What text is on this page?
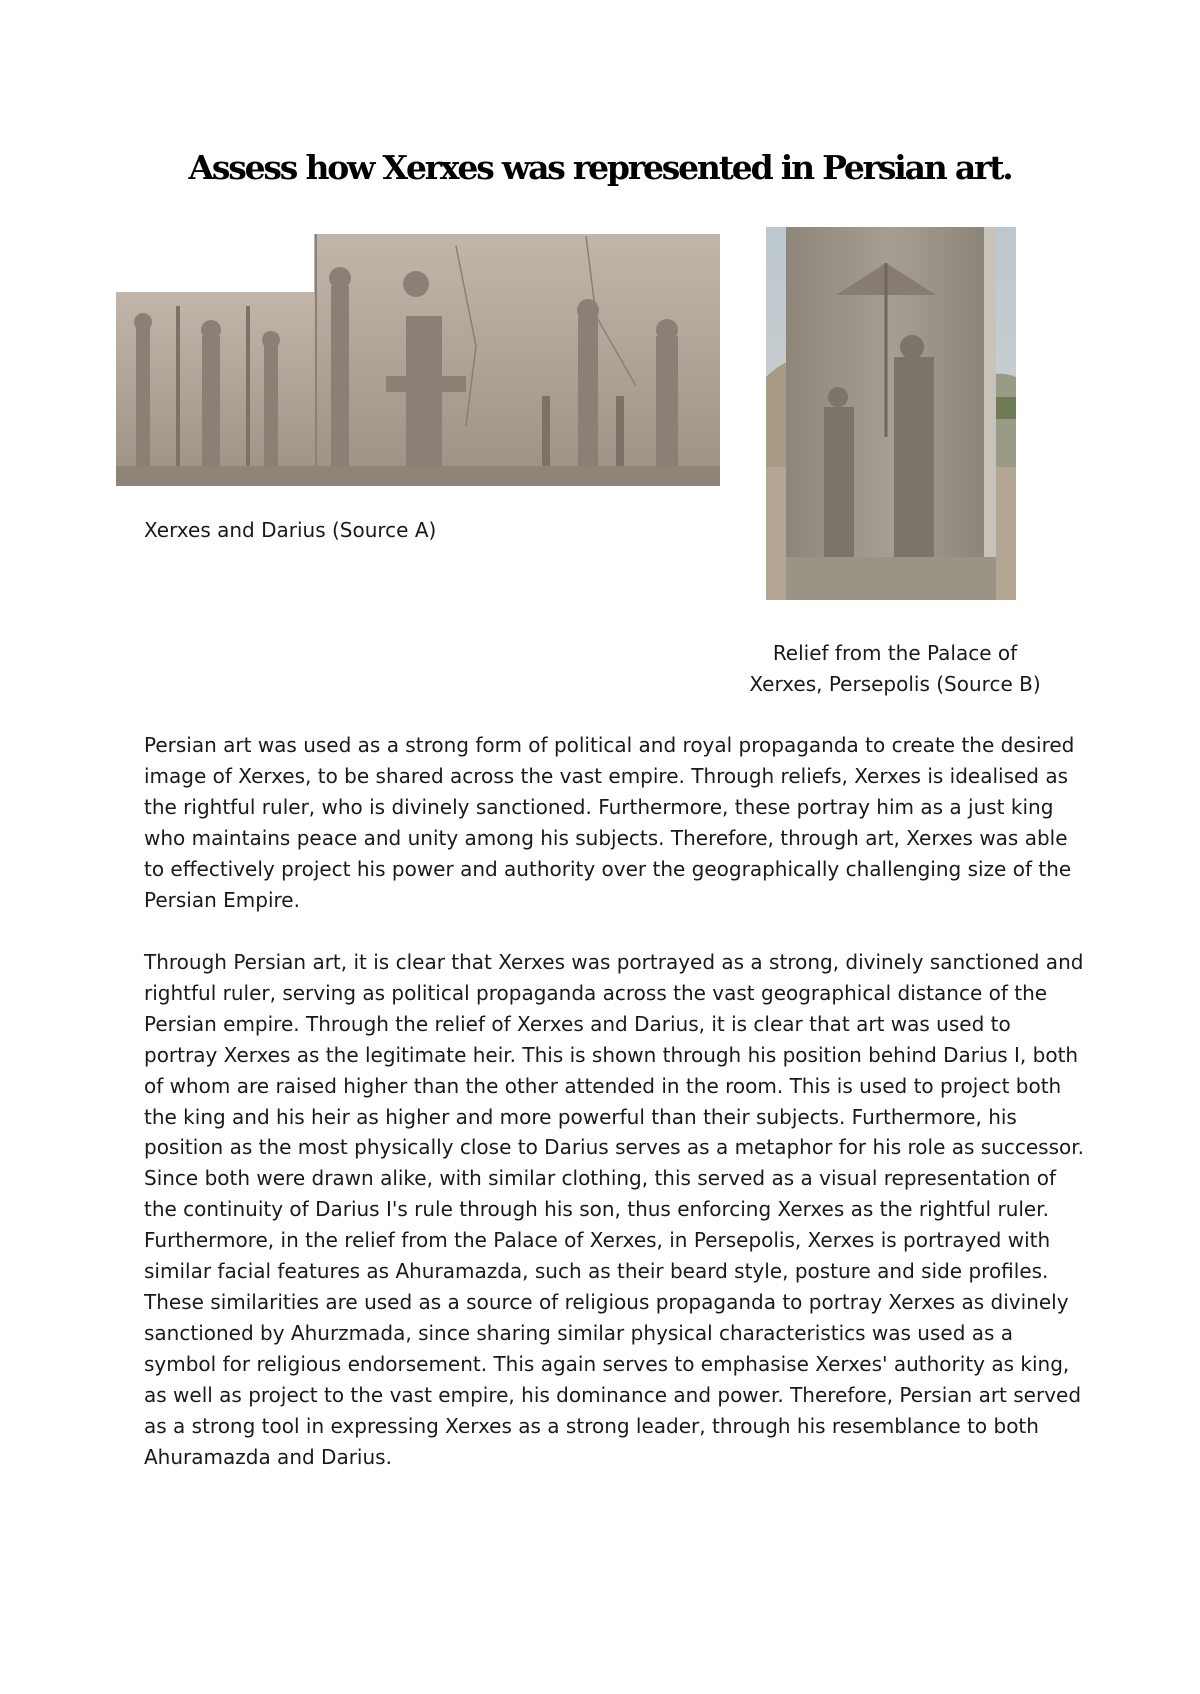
Assess how Xerxes was represented in Persian art.
Xerxes and Darius (Source A)
Relief from the Palace of Xerxes, Persepolis (Source B)

Persian art was used as a strong form of political and royal propaganda to create the desired image of Xerxes, to be shared across the vast empire. Through reliefs, Xerxes is idealised as the rightful ruler, who is divinely sanctioned. Furthermore, these portray him as a just king who maintains peace and unity among his subjects. Therefore, through art, Xerxes was able to effectively project his power and authority over the geographically challenging size of the Persian Empire.

Through Persian art, it is clear that Xerxes was portrayed as a strong, divinely sanctioned and rightful ruler, serving as political propaganda across the vast geographical distance of the Persian empire. Through the relief of Xerxes and Darius, it is clear that art was used to portray Xerxes as the legitimate heir. This is shown through his position behind Darius I, both of whom are raised higher than the other attended in the room. This is used to project both the king and his heir as higher and more powerful than their subjects. Furthermore, his position as the most physically close to Darius serves as a metaphor for his role as successor. Since both were drawn alike, with similar clothing, this served as a visual representation of the continuity of Darius I's rule through his son, thus enforcing Xerxes as the rightful ruler. Furthermore, in the relief from the Palace of Xerxes, in Persepolis, Xerxes is portrayed with similar facial features as Ahuramazda, such as their beard style, posture and side profiles. These similarities are used as a source of religious propaganda to portray Xerxes as divinely sanctioned by Ahurzmada, since sharing similar physical characteristics was used as a symbol for religious endorsement. This again serves to emphasise Xerxes' authority as king, as well as project to the vast empire, his dominance and power. Therefore, Persian art served as a strong tool in expressing Xerxes as a strong leader, through his resemblance to both Ahuramazda and Darius.
